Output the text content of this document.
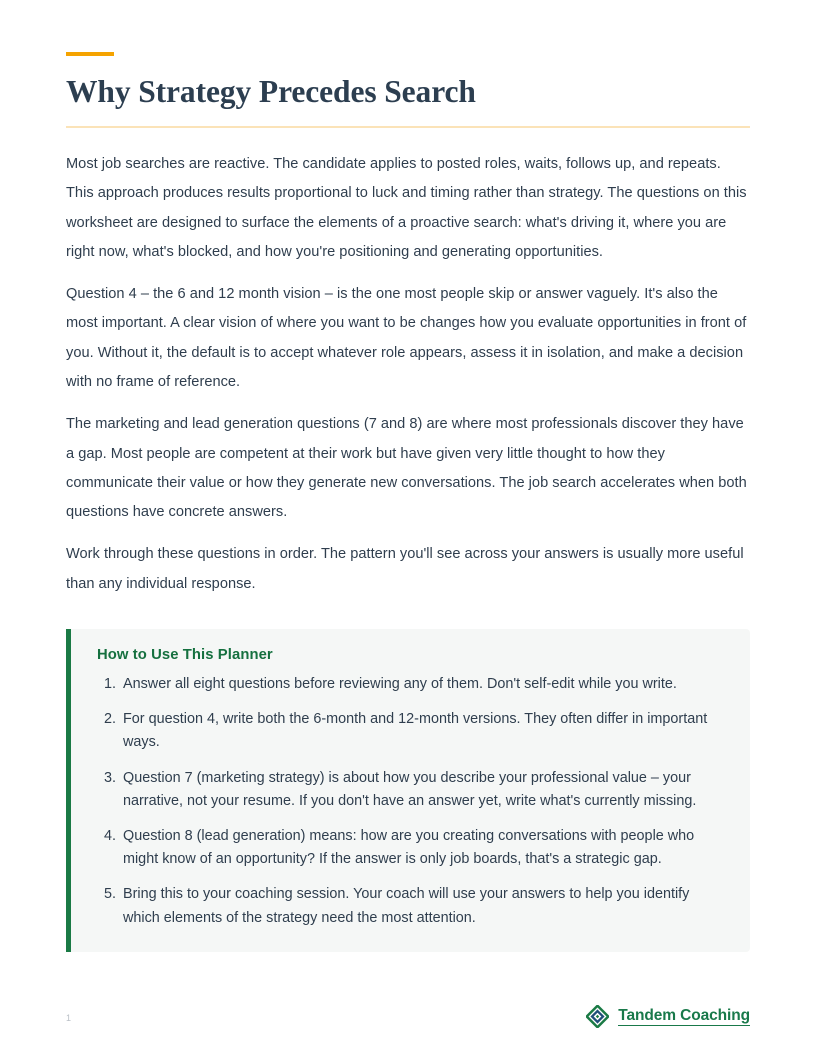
Why Strategy Precedes Search

Most job searches are reactive. The candidate applies to posted roles, waits, follows up, and repeats. This approach produces results proportional to luck and timing rather than strategy. The questions on this worksheet are designed to surface the elements of a proactive search: what's driving it, where you are right now, what's blocked, and how you're positioning and generating opportunities.

Question 4 – the 6 and 12 month vision – is the one most people skip or answer vaguely. It's also the most important. A clear vision of where you want to be changes how you evaluate opportunities in front of you. Without it, the default is to accept whatever role appears, assess it in isolation, and make a decision with no frame of reference.

The marketing and lead generation questions (7 and 8) are where most professionals discover they have a gap. Most people are competent at their work but have given very little thought to how they communicate their value or how they generate new conversations. The job search accelerates when both questions have concrete answers.

Work through these questions in order. The pattern you'll see across your answers is usually more useful than any individual response.

How to Use This Planner
Answer all eight questions before reviewing any of them. Don't self-edit while you write.
For question 4, write both the 6-month and 12-month versions. They often differ in important ways.
Question 7 (marketing strategy) is about how you describe your professional value – your narrative, not your resume. If you don't have an answer yet, write what's currently missing.
Question 8 (lead generation) means: how are you creating conversations with people who might know of an opportunity? If the answer is only job boards, that's a strategic gap.
Bring this to your coaching session. Your coach will use your answers to help you identify which elements of the strategy need the most attention.
1	Tandem Coaching
